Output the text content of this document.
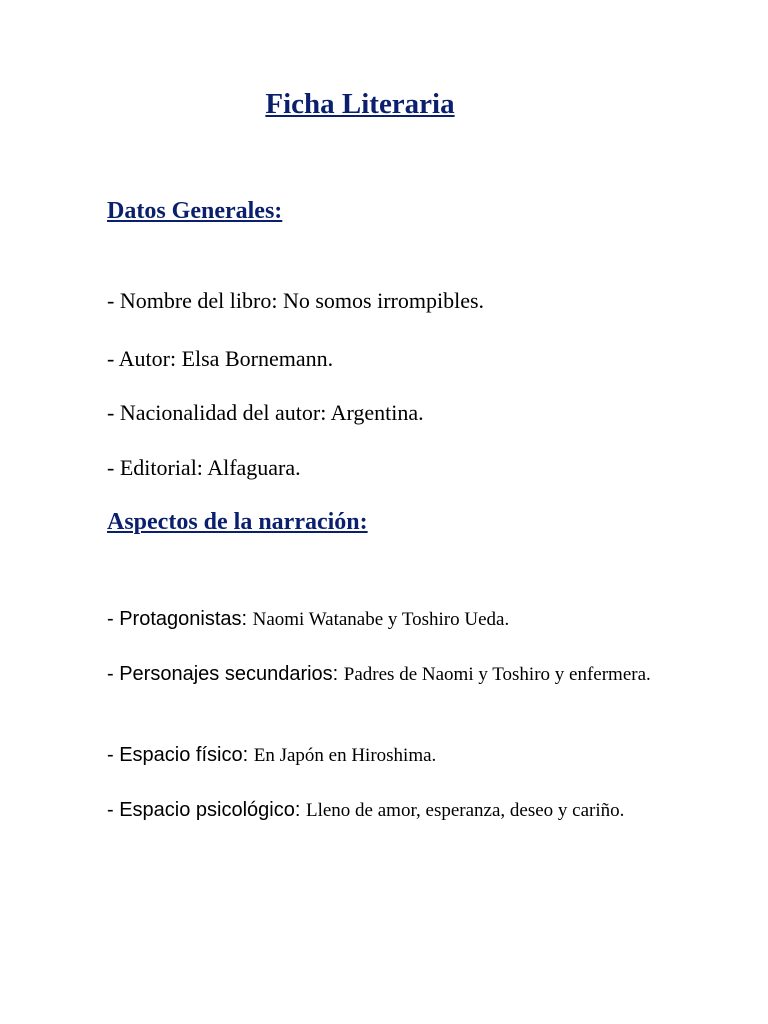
Ficha Literaria
Datos Generales:
- Nombre del libro: No somos irrompibles.
- Autor: Elsa Bornemann.
- Nacionalidad del autor: Argentina.
- Editorial: Alfaguara.
Aspectos de la narración:
- Protagonistas: Naomi Watanabe y Toshiro Ueda.
- Personajes secundarios: Padres de Naomi y Toshiro y enfermera.
- Espacio físico: En Japón en Hiroshima.
- Espacio psicológico: Lleno de amor, esperanza, deseo y cariño.
